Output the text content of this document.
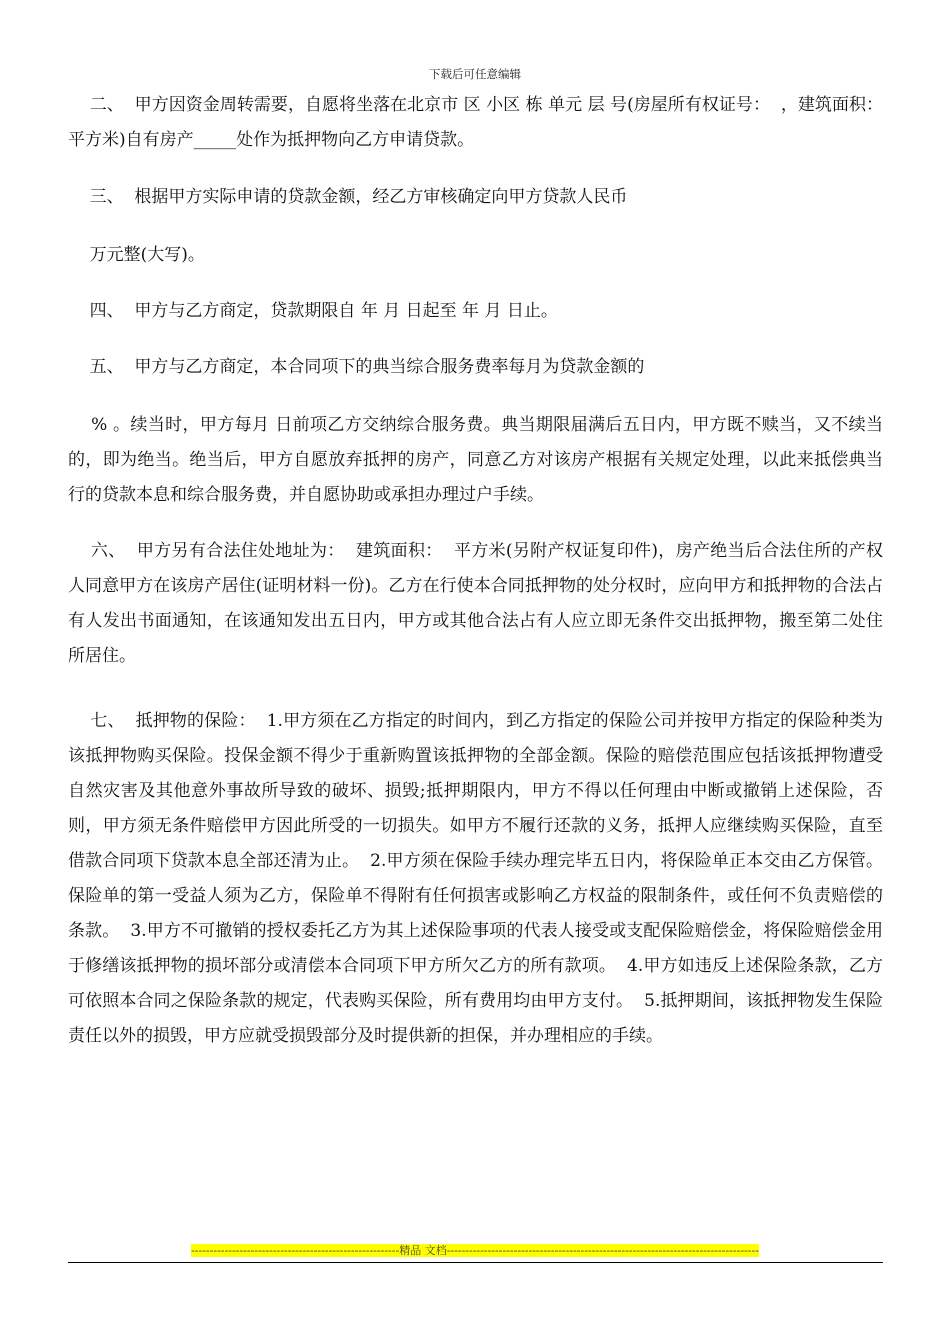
下载后可任意编辑
二、  甲方因资金周转需要，自愿将坐落在北京市 区 小区 栋 单元 层 号(房屋所有权证号：  ，建筑面积：  平方米)自有房产_____处作为抵押物向乙方申请贷款。
三、  根据甲方实际申请的贷款金额，经乙方审核确定向甲方贷款人民币
万元整(大写)。
四、  甲方与乙方商定，贷款期限自 年 月 日起至 年 月 日止。
五、  甲方与乙方商定，本合同项下的典当综合服务费率每月为贷款金额的
% 。续当时，甲方每月 日前项乙方交纳综合服务费。典当期限届满后五日内，甲方既不赎当，又不续当的，即为绝当。绝当后，甲方自愿放弃抵押的房产，同意乙方对该房产根据有关规定处理，以此来抵偿典当行的贷款本息和综合服务费，并自愿协助或承担办理过户手续。
六、  甲方另有合法住处地址为：  建筑面积：  平方米(另附产权证复印件)，房产绝当后合法住所的产权人同意甲方在该房产居住(证明材料一份)。乙方在行使本合同抵押物的处分权时，应向甲方和抵押物的合法占有人发出书面通知，在该通知发出五日内，甲方或其他合法占有人应立即无条件交出抵押物，搬至第二处住所居住。
七、  抵押物的保险：  1.甲方须在乙方指定的时间内，到乙方指定的保险公司并按甲方指定的保险种类为该抵押物购买保险。投保金额不得少于重新购置该抵押物的全部金额。保险的赔偿范围应包括该抵押物遭受自然灾害及其他意外事故所导致的破坏、损毁;抵押期限内，甲方不得以任何理由中断或撤销上述保险，否则，甲方须无条件赔偿甲方因此所受的一切损失。如甲方不履行还款的义务，抵押人应继续购买保险，直至借款合同项下贷款本息全部还清为止。  2.甲方须在保险手续办理完毕五日内，将保险单正本交由乙方保管。保险单的第一受益人须为乙方，保险单不得附有任何损害或影响乙方权益的限制条件，或任何不负责赔偿的条款。  3.甲方不可撤销的授权委托乙方为其上述保险事项的代表人接受或支配保险赔偿金，将保险赔偿金用于修缮该抵押物的损坏部分或清偿本合同项下甲方所欠乙方的所有款项。  4.甲方如违反上述保险条款，乙方可依照本合同之保险条款的规定，代表购买保险，所有费用均由甲方支付。  5.抵押期间，该抵押物发生保险责任以外的损毁，甲方应就受损毁部分及时提供新的担保，并办理相应的手续。
--------------------------------------------------------精品 文档------------------------------------------------------------------------------------
